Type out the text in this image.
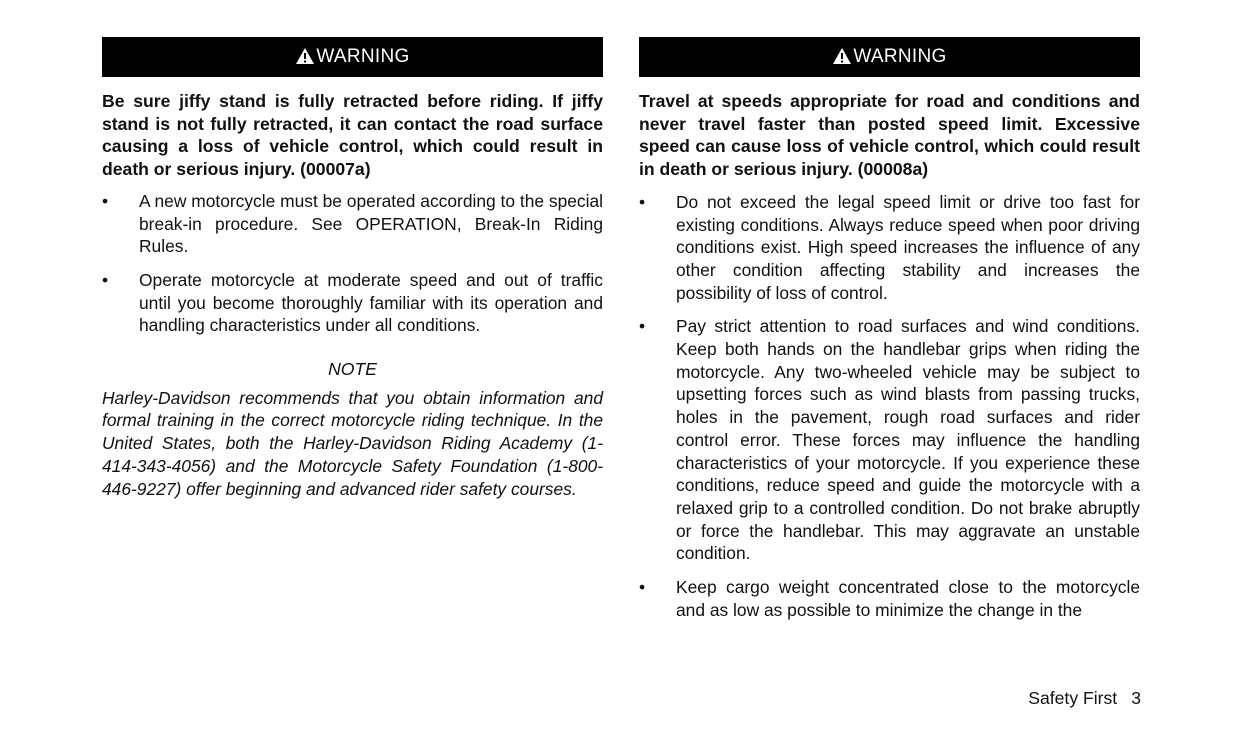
WARNING

Be sure jiffy stand is fully retracted before riding. If jiffy stand is not fully retracted, it can contact the road surface causing a loss of vehicle control, which could result in death or serious injury. (00007a)

• A new motorcycle must be operated according to the special break-in procedure. See OPERATION, Break-In Riding Rules.
• Operate motorcycle at moderate speed and out of traffic until you become thoroughly familiar with its operation and handling characteristics under all conditions.

NOTE

Harley-Davidson recommends that you obtain information and formal training in the correct motorcycle riding technique. In the United States, both the Harley-Davidson Riding Academy (1-414-343-4056) and the Motorcycle Safety Foundation (1-800-446-9227) offer beginning and advanced rider safety courses.

WARNING

Travel at speeds appropriate for road and conditions and never travel faster than posted speed limit. Excessive speed can cause loss of vehicle control, which could result in death or serious injury. (00008a)

• Do not exceed the legal speed limit or drive too fast for existing conditions. Always reduce speed when poor driving conditions exist. High speed increases the influence of any other condition affecting stability and increases the possibility of loss of control.
• Pay strict attention to road surfaces and wind conditions. Keep both hands on the handlebar grips when riding the motorcycle. Any two-wheeled vehicle may be subject to upsetting forces such as wind blasts from passing trucks, holes in the pavement, rough road surfaces and rider control error. These forces may influence the handling characteristics of your motorcycle. If you experience these conditions, reduce speed and guide the motorcycle with a relaxed grip to a controlled condition. Do not brake abruptly or force the handlebar. This may aggravate an unstable condition.
• Keep cargo weight concentrated close to the motorcycle and as low as possible to minimize the change in the
Safety First 3
